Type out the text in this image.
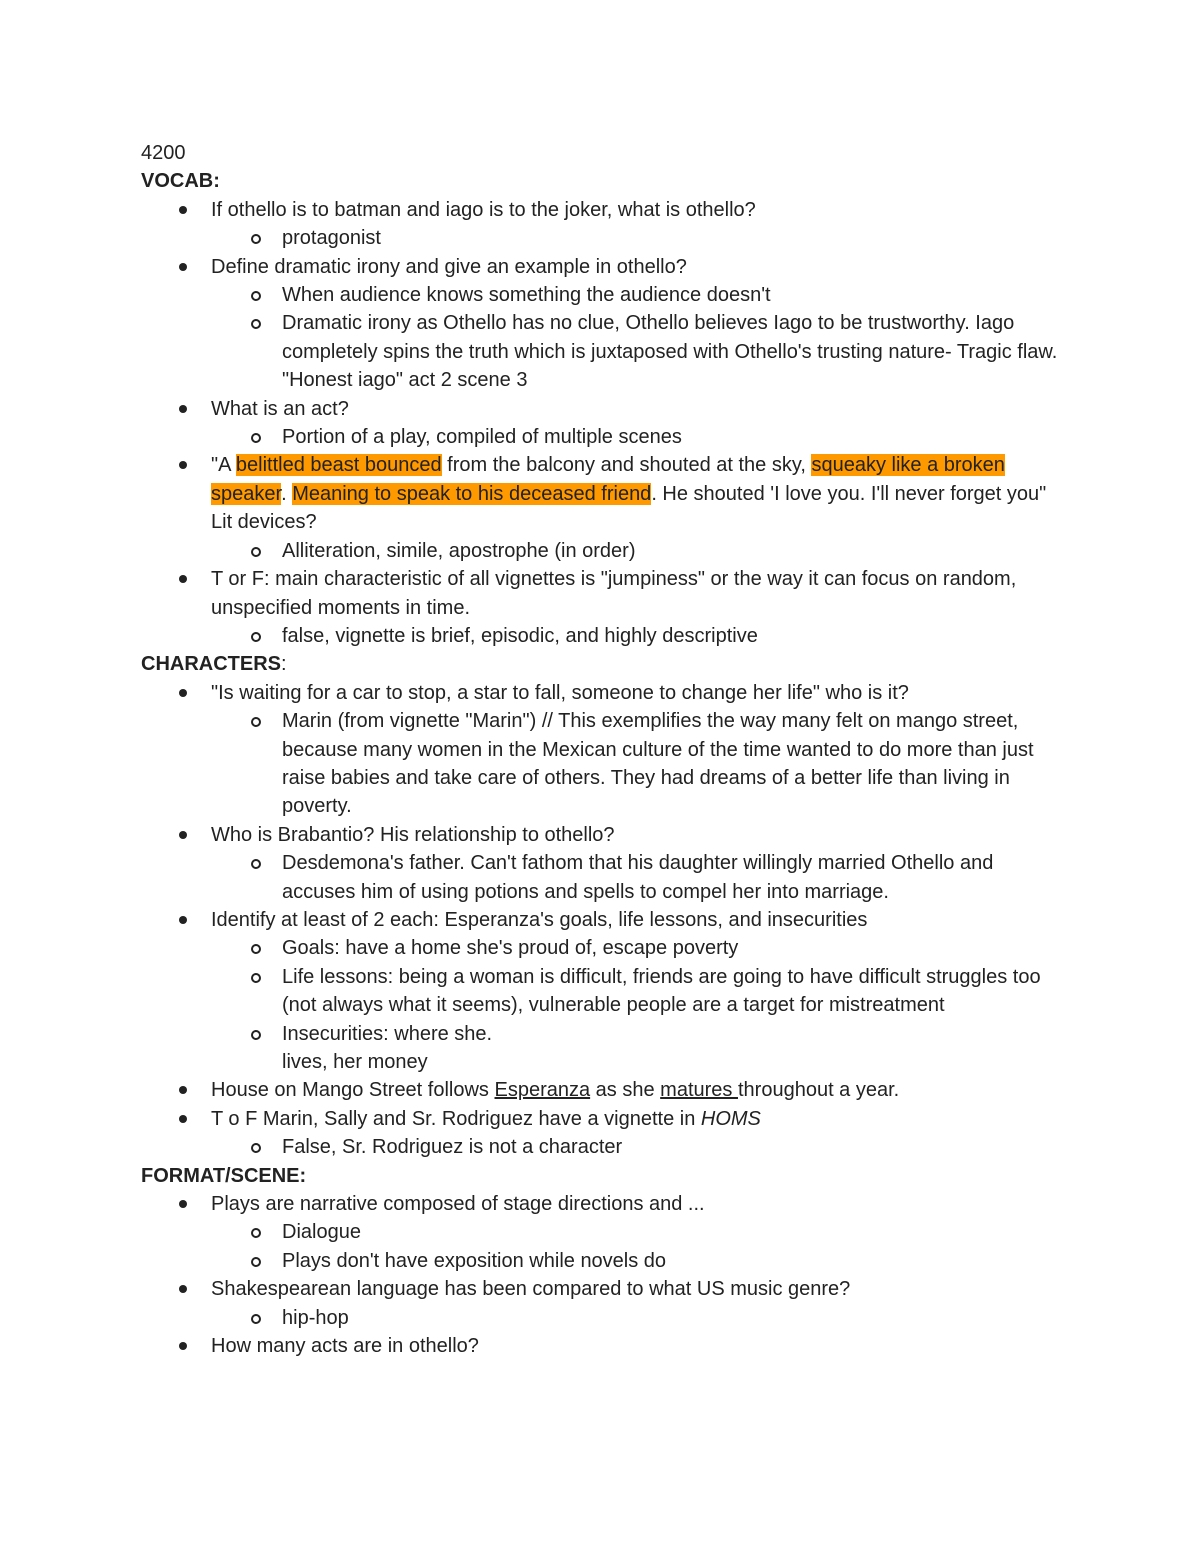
4200

VOCAB:

If othello is to batman and iago is to the joker, what is othello?

protagonist

Define dramatic irony and give an example in othello?

When audience knows something the audience doesn't

Dramatic irony as Othello has no clue, Othello believes Iago to be trustworthy. Iago completely spins the truth which is juxtaposed with Othello's trusting nature- Tragic flaw. "Honest iago" act 2 scene 3

What is an act?

Portion of a play, compiled of multiple scenes

"A belittled beast bounced from the balcony and shouted at the sky, squeaky like a broken speaker. Meaning to speak to his deceased friend. He shouted 'I love you. I'll never forget you" Lit devices?

Alliteration, simile, apostrophe (in order)

T or F: main characteristic of all vignettes is "jumpiness" or the way it can focus on random, unspecified moments in time.

false, vignette is brief, episodic, and highly descriptive

CHARACTERS:

"Is waiting for a car to stop, a star to fall, someone to change her life" who is it?

Marin (from vignette "Marin") // This exemplifies the way many felt on mango street, because many women in the Mexican culture of the time wanted to do more than just raise babies and take care of others. They had dreams of a better life than living in poverty.

Who is Brabantio? His relationship to othello?

Desdemona's father. Can't fathom that his daughter willingly married Othello and accuses him of using potions and spells to compel her into marriage.

Identify at least of 2 each: Esperanza's goals, life lessons, and insecurities

Goals: have a home she's proud of, escape poverty

Life lessons: being a woman is difficult, friends are going to have difficult struggles too (not always what it seems), vulnerable people are a target for mistreatment

Insecurities: where she.

lives, her money

House on Mango Street follows Esperanza as she matures throughout a year.

T o F Marin, Sally and Sr. Rodriguez have a vignette in HOMS

False, Sr. Rodriguez is not a character

FORMAT/SCENE:

Plays are narrative composed of stage directions and ...

Dialogue

Plays don't have exposition while novels do

Shakespearean language has been compared to what US music genre?

hip-hop

How many acts are in othello?
